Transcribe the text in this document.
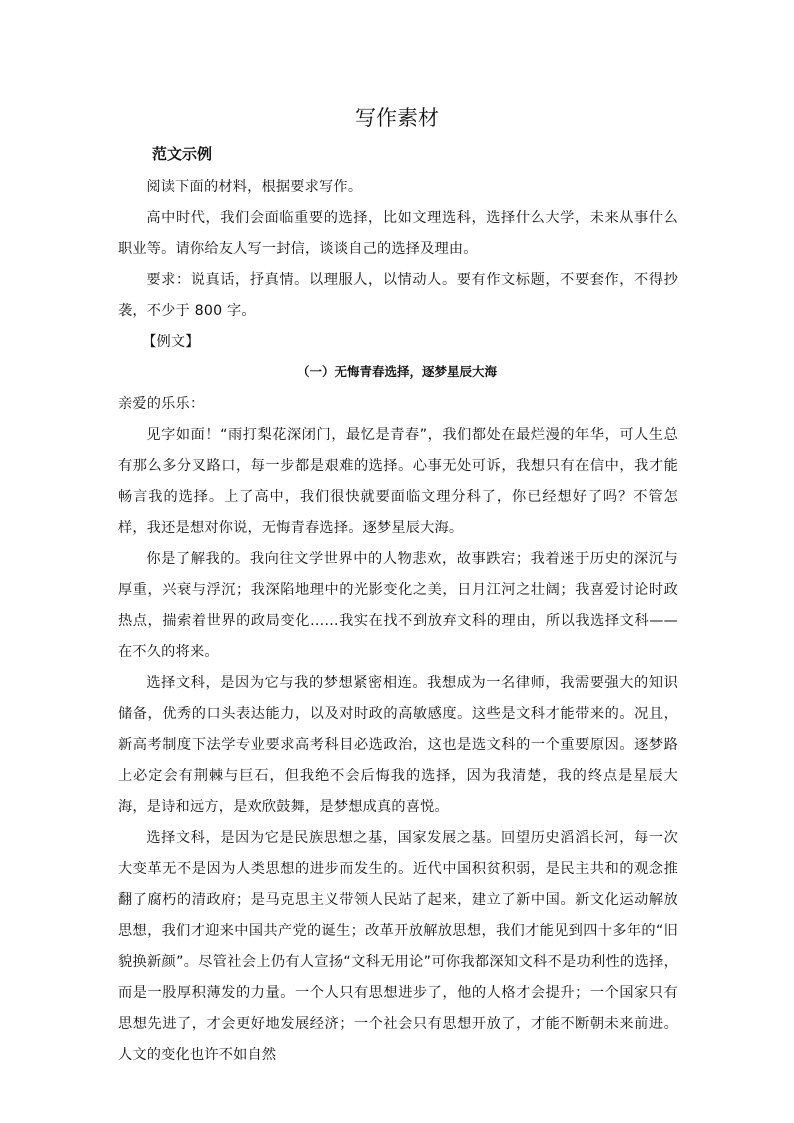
写作素材
范文示例

阅读下面的材料，根据要求写作。

高中时代，我们会面临重要的选择，比如文理选科，选择什么大学，未来从事什么职业等。请你给友人写一封信，谈谈自己的选择及理由。

要求：说真话，抒真情。以理服人，以情动人。要有作文标题，不要套作，不得抄袭，不少于 800 字。

【例文】

（一）无悔青春选择，逐梦星辰大海

亲爱的乐乐：

见字如面！“雨打梨花深闭门，最忆是青春”，我们都处在最烂漫的年华，可人生总有那么多分叉路口，每一步都是艰难的选择。心事无处可诉，我想只有在信中，我才能畅言我的选择。上了高中，我们很快就要面临文理分科了，你已经想好了吗？不管怎样，我还是想对你说，无悔青春选择。逐梦星辰大海。

你是了解我的。我向往文学世界中的人物悲欢，故事跌宕；我着迷于历史的深沉与厚重，兴衰与浮沉；我深陷地理中的光影变化之美，日月江河之壮阔；我喜爱讨论时政热点，揣索着世界的政局变化……我实在找不到放弃文科的理由，所以我选择文科——在不久的将来。

选择文科，是因为它与我的梦想紧密相连。我想成为一名律师，我需要强大的知识储备，优秀的口头表达能力，以及对时政的高敏感度。这些是文科才能带来的。况且，新高考制度下法学专业要求高考科目必选政治，这也是选文科的一个重要原因。逐梦路上必定会有荆棘与巨石，但我绝不会后悔我的选择，因为我清楚，我的终点是星辰大海，是诗和远方，是欢欣鼓舞，是梦想成真的喜悦。

选择文科，是因为它是民族思想之基，国家发展之基。回望历史滔滔长河，每一次大变革无不是因为人类思想的进步而发生的。近代中国积贫积弱，是民主共和的观念推翻了腐朽的清政府；是马克思主义带领人民站了起来，建立了新中国。新文化运动解放思想，我们才迎来中国共产党的诞生；改革开放解放思想，我们才能见到四十多年的“旧貌换新颜”。尽管社会上仍有人宣扬“文科无用论”可你我都深知文科不是功利性的选择，而是一股厚积薄发的力量。一个人只有思想进步了，他的人格才会提升；一个国家只有思想先进了，才会更好地发展经济；一个社会只有思想开放了，才能不断朝未来前进。人文的变化也许不如自然
